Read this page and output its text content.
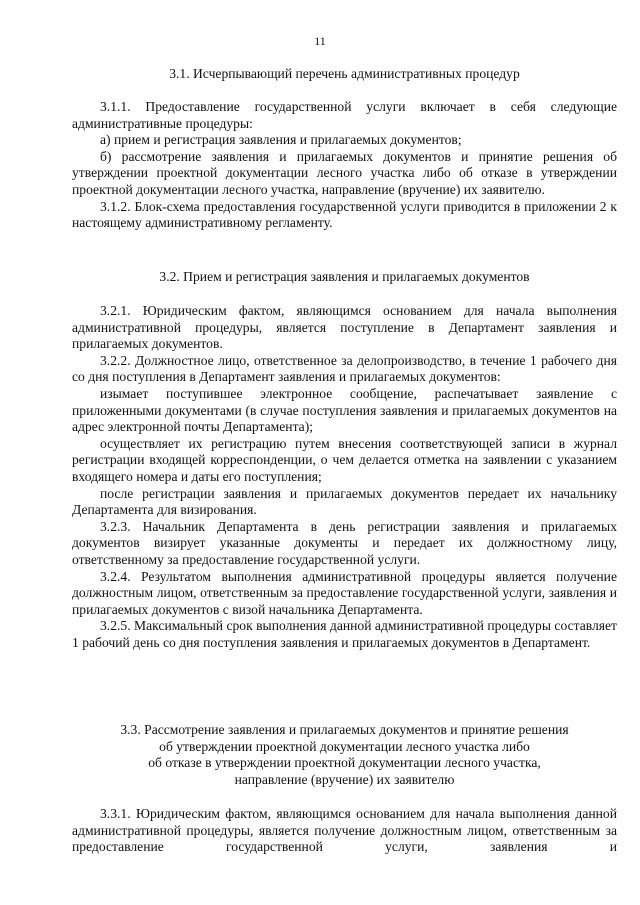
11
3.1. Исчерпывающий перечень административных процедур

3.1.1. Предоставление государственной услуги включает в себя следующие административные процедуры:

а) прием и регистрация заявления и прилагаемых документов;

б) рассмотрение заявления и прилагаемых документов и принятие решения об утверждении проектной документации лесного участка либо об отказе в утверждении проектной документации лесного участка, направление (вручение) их заявителю.

3.1.2. Блок-схема предоставления государственной услуги приводится в приложении 2 к настоящему административному регламенту.

3.2. Прием и регистрация заявления и прилагаемых документов

3.2.1. Юридическим фактом, являющимся основанием для начала выполнения административной процедуры, является поступление в Департамент заявления и прилагаемых документов.

3.2.2. Должностное лицо, ответственное за делопроизводство, в течение 1 рабочего дня со дня поступления в Департамент заявления и прилагаемых документов:

изымает поступившее электронное сообщение, распечатывает заявление с приложенными документами (в случае поступления заявления и прилагаемых документов на адрес электронной почты Департамента);

осуществляет их регистрацию путем внесения соответствующей записи в журнал регистрации входящей корреспонденции, о чем делается отметка на заявлении с указанием входящего номера и даты его поступления;

после регистрации заявления и прилагаемых документов передает их начальнику Департамента для визирования.

3.2.3. Начальник Департамента в день регистрации заявления и прилагаемых документов визирует указанные документы и передает их должностному лицу, ответственному за предоставление государственной услуги.

3.2.4. Результатом выполнения административной процедуры является получение должностным лицом, ответственным за предоставление государственной услуги, заявления и прилагаемых документов с визой начальника Департамента.

3.2.5. Максимальный срок выполнения данной административной процедуры составляет 1 рабочий день со дня поступления заявления и прилагаемых документов в Департамент.

3.3. Рассмотрение заявления и прилагаемых документов и принятие решения
об утверждении проектной документации лесного участка либо
об отказе в утверждении проектной документации лесного участка,
направление (вручение) их заявителю

3.3.1. Юридическим фактом, являющимся основанием для начала выполнения данной административной процедуры, является получение должностным лицом, ответственным за предоставление государственной услуги, заявления и
